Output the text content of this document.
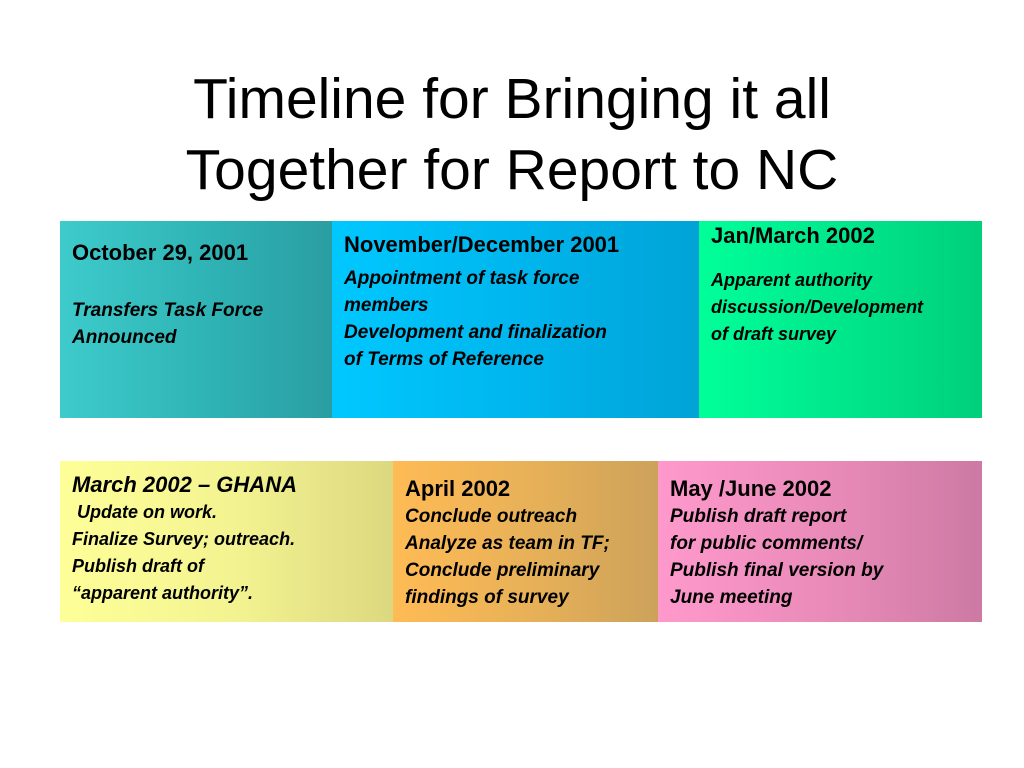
Timeline for Bringing it all
Together for Report to NC
October 29, 2001
Transfers Task Force
Announced
November/December 2001
Appointment of task force
members
Development and finalization
of Terms of Reference
Jan/March 2002
Apparent authority
discussion/Development
of draft survey
March 2002 – GHANA
Update on work.
Finalize Survey; outreach.
Publish draft of
“apparent authority”.
April 2002
Conclude outreach
Analyze as team in TF;
Conclude preliminary
findings of survey
May /June 2002
Publish draft report
for public comments/
Publish final version by
June meeting
